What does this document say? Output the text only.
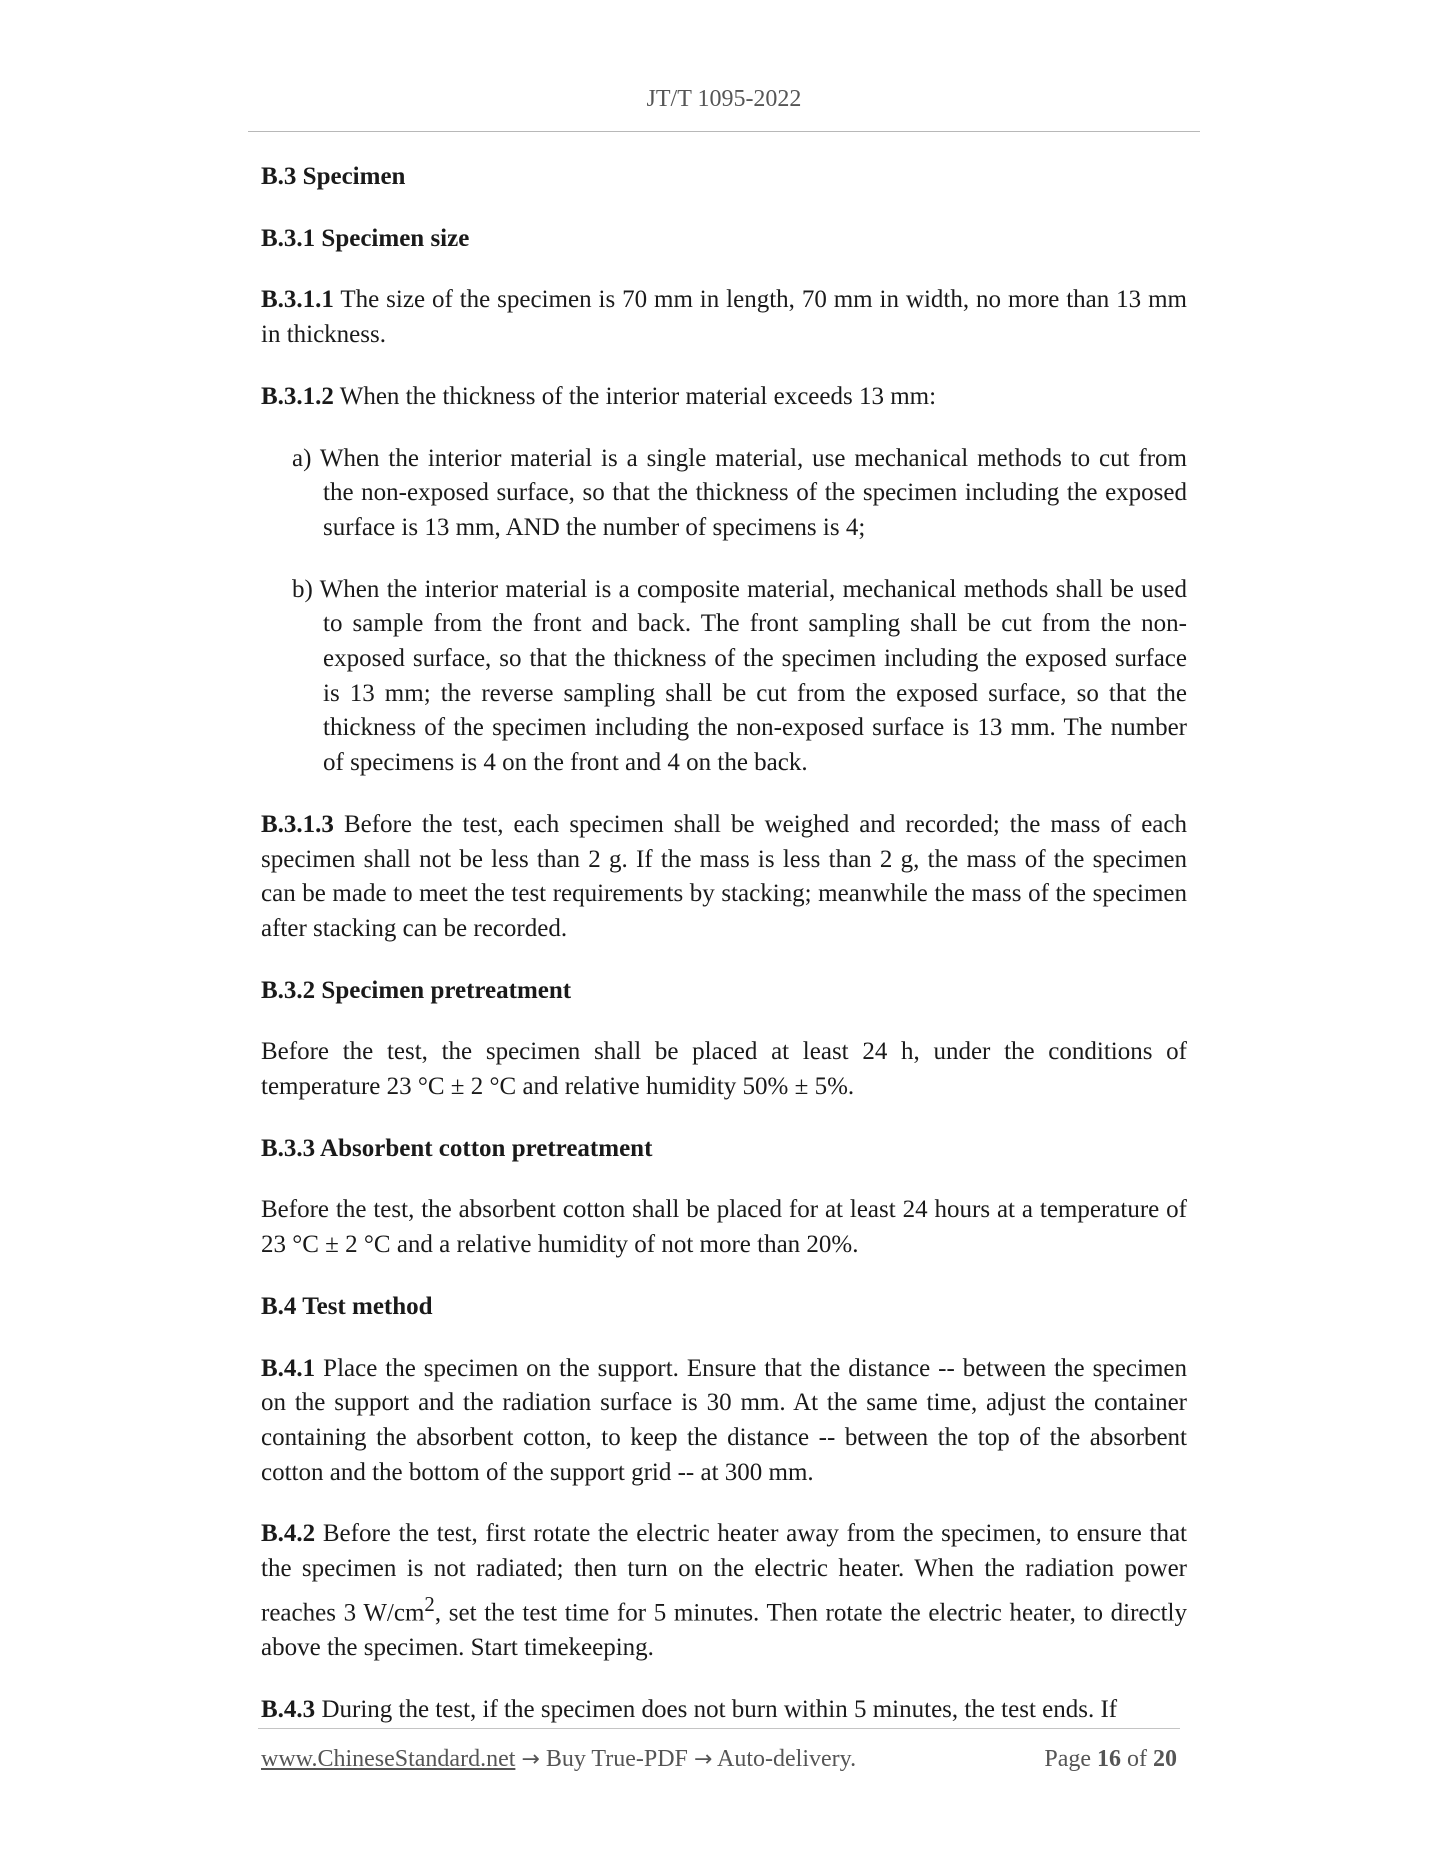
JT/T 1095-2022

B.3 Specimen

B.3.1 Specimen size

B.3.1.1 The size of the specimen is 70 mm in length, 70 mm in width, no more than 13 mm in thickness.

B.3.1.2 When the thickness of the interior material exceeds 13 mm:

a) When the interior material is a single material, use mechanical methods to cut from the non-exposed surface, so that the thickness of the specimen including the exposed surface is 13 mm, AND the number of specimens is 4;

b) When the interior material is a composite material, mechanical methods shall be used to sample from the front and back. The front sampling shall be cut from the non-exposed surface, so that the thickness of the specimen including the exposed surface is 13 mm; the reverse sampling shall be cut from the exposed surface, so that the thickness of the specimen including the non-exposed surface is 13 mm. The number of specimens is 4 on the front and 4 on the back.

B.3.1.3 Before the test, each specimen shall be weighed and recorded; the mass of each specimen shall not be less than 2 g. If the mass is less than 2 g, the mass of the specimen can be made to meet the test requirements by stacking; meanwhile the mass of the specimen after stacking can be recorded.

B.3.2 Specimen pretreatment

Before the test, the specimen shall be placed at least 24 h, under the conditions of temperature 23 °C ± 2 °C and relative humidity 50% ± 5%.

B.3.3 Absorbent cotton pretreatment

Before the test, the absorbent cotton shall be placed for at least 24 hours at a temperature of 23 °C ± 2 °C and a relative humidity of not more than 20%.

B.4 Test method

B.4.1 Place the specimen on the support. Ensure that the distance -- between the specimen on the support and the radiation surface is 30 mm. At the same time, adjust the container containing the absorbent cotton, to keep the distance -- between the top of the absorbent cotton and the bottom of the support grid -- at 300 mm.

B.4.2 Before the test, first rotate the electric heater away from the specimen, to ensure that the specimen is not radiated; then turn on the electric heater. When the radiation power reaches 3 $W/cm^2$, set the test time for 5 minutes. Then rotate the electric heater, to directly above the specimen. Start timekeeping.

B.4.3 During the test, if the specimen does not burn within 5 minutes, the test ends. If

www.ChineseStandard.net → Buy True-PDF → Auto-delivery.	Page 16 of 20
